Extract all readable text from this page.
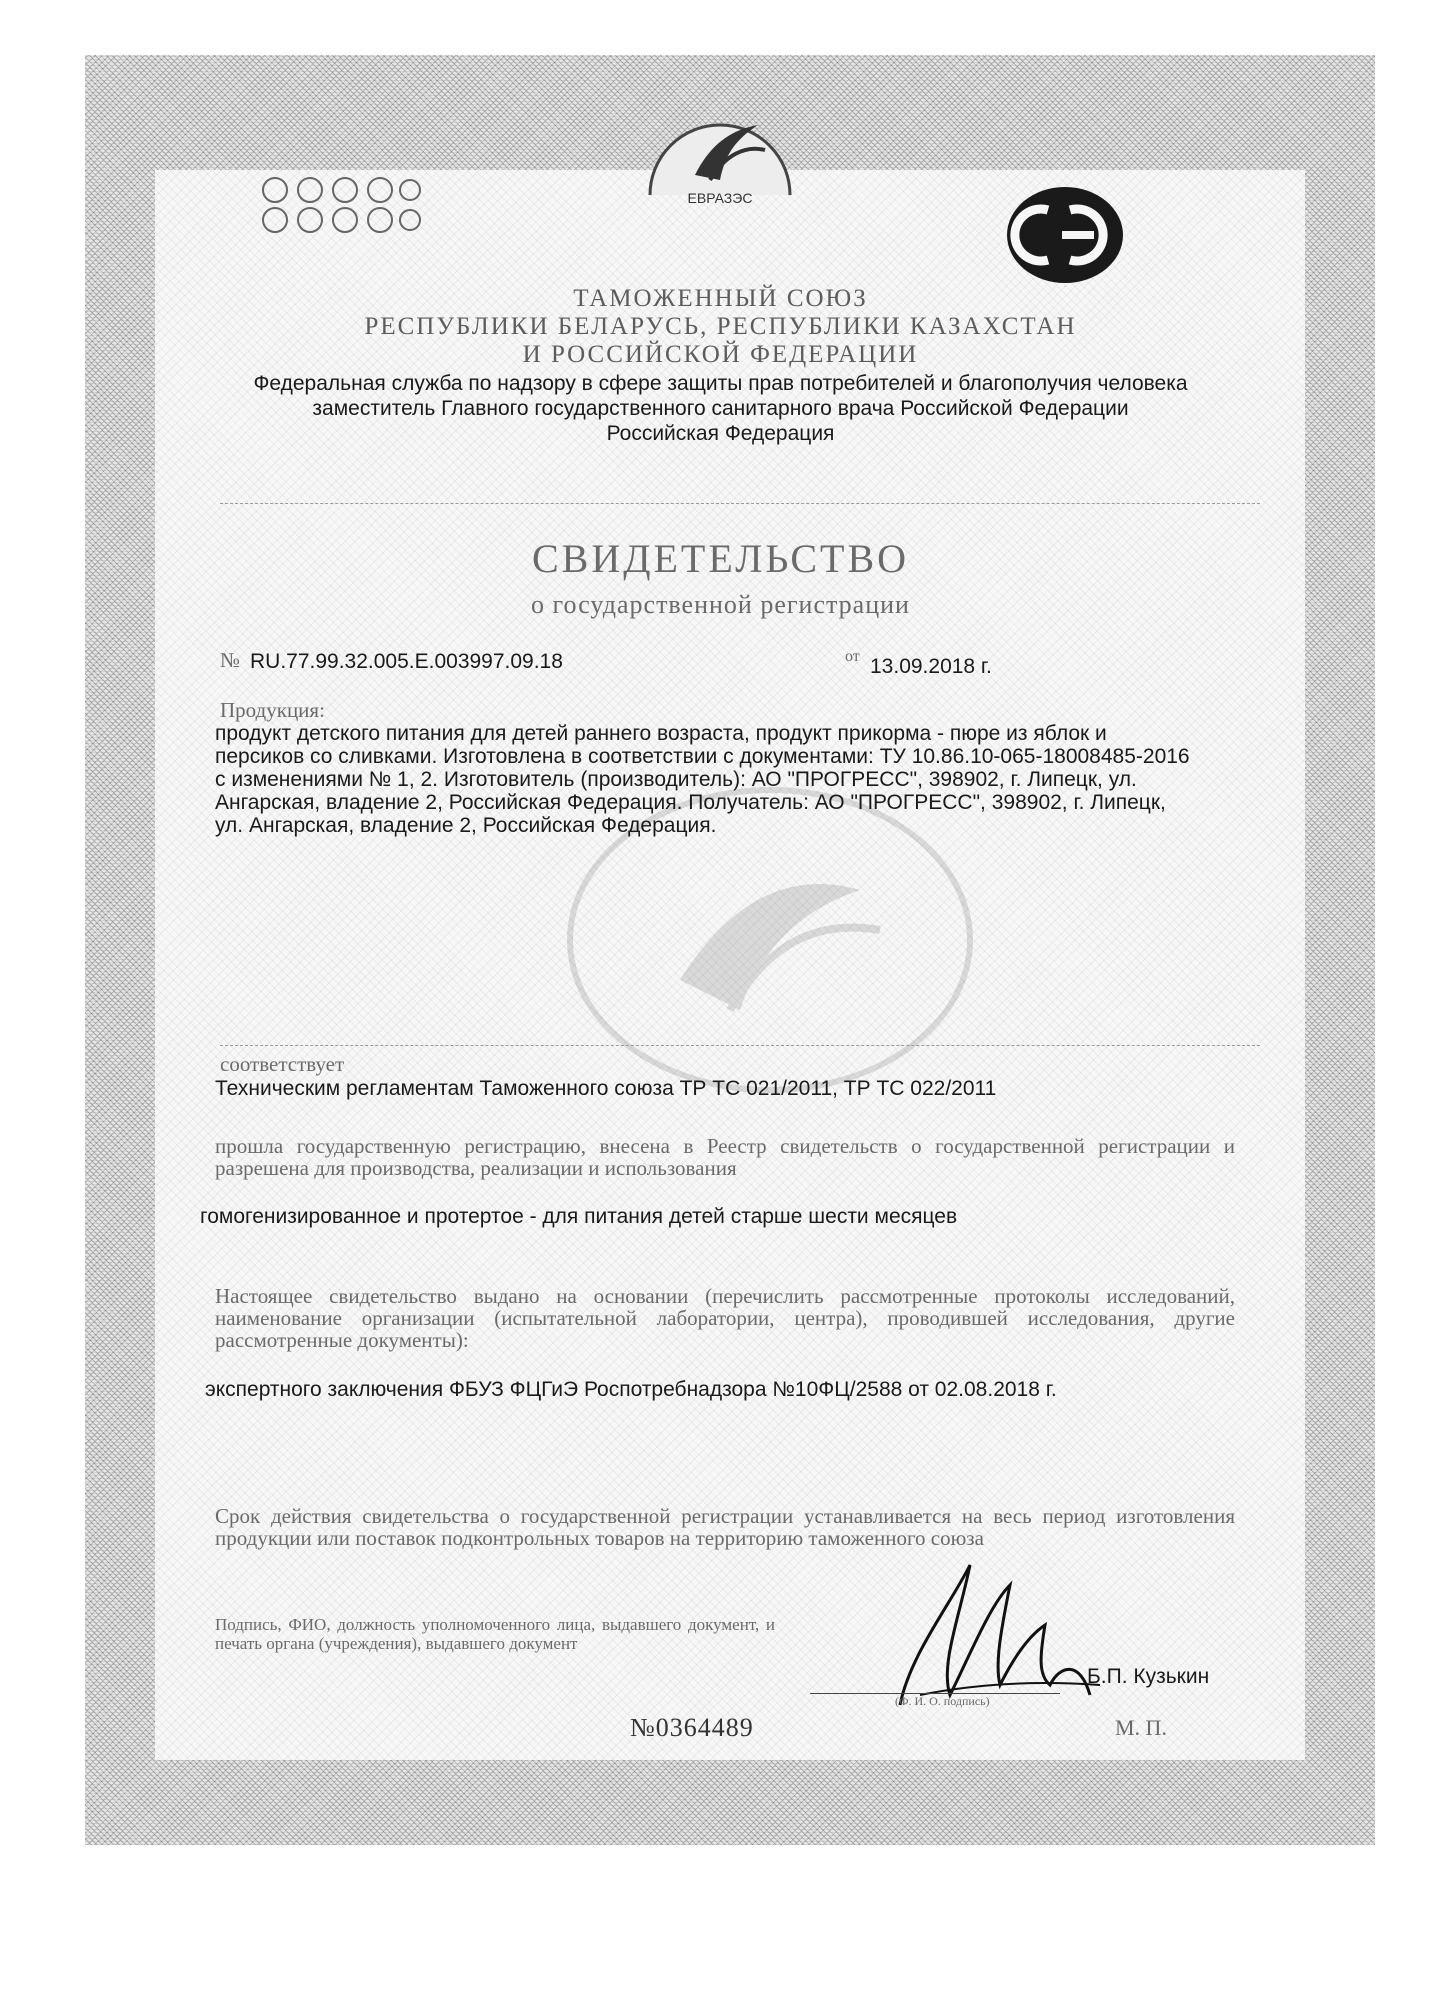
ЕВРАЗЭС
СЭ
ТАМОЖЕННЫЙ СОЮЗ
РЕСПУБЛИКИ БЕЛАРУСЬ, РЕСПУБЛИКИ КАЗАХСТАН
И РОССИЙСКОЙ ФЕДЕРАЦИИ
Федеральная служба по надзору в сфере защиты прав потребителей и благополучия человека
заместитель Главного государственного санитарного врача Российской Федерации
Российская Федерация
СВИДЕТЕЛЬСТВО
о государственной регистрации
№ RU.77.99.32.005.Е.003997.09.18	от 13.09.2018 г.
Продукция:

продукт детского питания для детей раннего возраста, продукт прикорма - пюре из яблок и

персиков со сливками. Изготовлена в соответствии с документами: ТУ 10.86.10-065-18008485-2016

с изменениями № 1, 2. Изготовитель (производитель): АО "ПРОГРЕСС", 398902, г. Липецк, ул.

Ангарская, владение 2, Российская Федерация. Получатель: АО "ПРОГРЕСС", 398902, г. Липецк,

ул. Ангарская, владение 2, Российская Федерация.

соответствует
Техническим регламентам Таможенного союза ТР ТС 021/2011, ТР ТС 022/2011
прошла государственную регистрацию, внесена в Реестр свидетельств о государственной регистрации и разрешена для производства, реализации и использования
гомогенизированное и протертое - для питания детей старше шести месяцев
Настоящее свидетельство выдано на основании (перечислить рассмотренные протоколы исследований, наименование организации (испытательной лаборатории, центра), проводившей исследования, другие рассмотренные документы):
экспертного заключения ФБУЗ ФЦГиЭ Роспотребнадзора №10ФЦ/2588 от 02.08.2018 г.
Срок действия свидетельства о государственной регистрации устанавливается на весь период изготовления продукции или поставок подконтрольных товаров на территорию таможенного союза
Подпись, ФИО, должность уполномоченного лица, выдавшего документ, и печать органа (учреждения), выдавшего документ
(Ф. И. О. подпись)
Б.П. Кузькин
№0364489	М. П.
